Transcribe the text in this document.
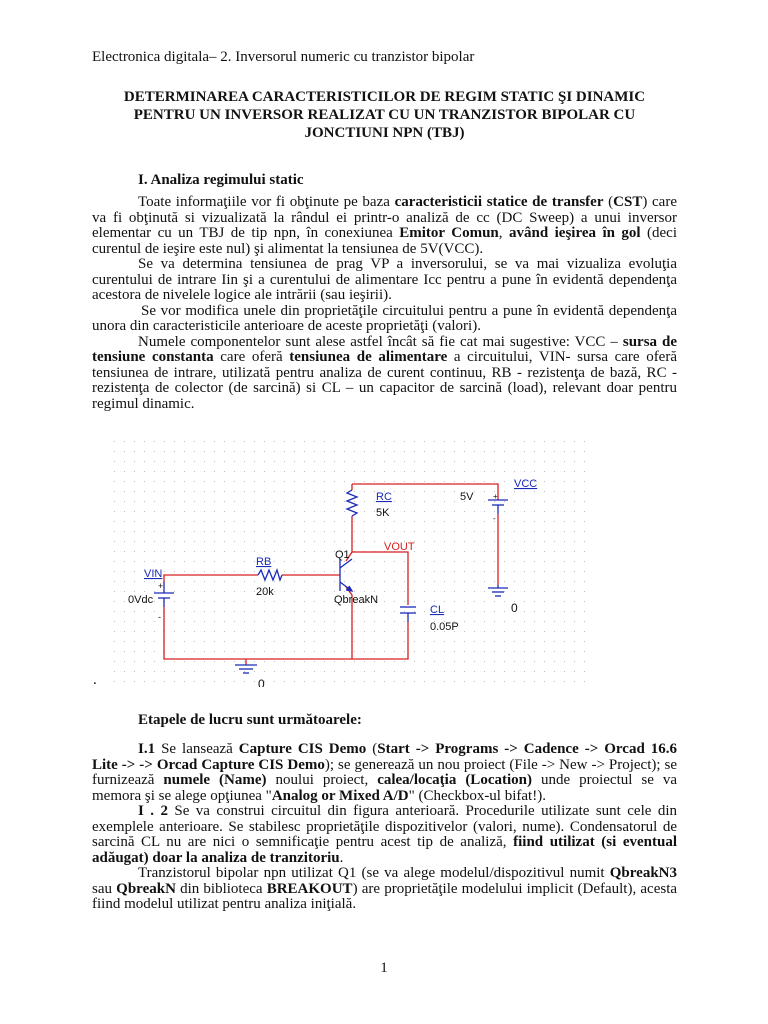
Electronica digitala– 2. Inversorul numeric cu tranzistor bipolar
DETERMINAREA CARACTERISTICILOR DE REGIM STATIC ŞI DINAMIC
PENTRU UN INVERSOR REALIZAT CU UN TRANZISTOR BIPOLAR CU
JONCTIUNI NPN (TBJ)
I. Analiza regimului static

Toate informaţiile vor fi obţinute pe baza caracteristicii statice de transfer (CST) care va fi obţinută si vizualizată la rândul ei printr-o analiză de cc (DC Sweep) a unui inversor elementar cu un TBJ de tip npn, în conexiunea Emitor Comun, având ieşirea în gol (deci curentul de ieşire este nul) şi alimentat la tensiunea de 5V(VCC).

Se va determina tensiunea de prag VP a inversorului, se va mai vizualiza evoluţia curentului de intrare Iin şi a curentului de alimentare Icc pentru a pune în evidentă dependenţa acestora de nivelele logice ale intrării (sau ieşirii).

Se vor modifica unele din proprietăţile circuitului pentru a pune în evidentă dependenţa unora din caracteristicile anterioare de aceste proprietăţi (valori).

Numele componentelor sunt alese astfel încât să fie cat mai sugestive: VCC – sursa de tensiune constanta care oferă tensiunea de alimentare a circuitului, VIN- sursa care oferă tensiunea de intrare, utilizată pentru analiza de curent continuu, RB - rezistenţa de bază, RC - rezistenţa de colector (de sarcină) si CL – un capacitor de sarcină (load), relevant doar pentru regimul dinamic.

VIN
0Vdc
+
-
RB
20k
Q1
QbreakN
RC
5K
VOUT
VCC
5V +
-
CL
0.05P
0
0
.
Etapele de lucru sunt următoarele:

I.1 Se lansează Capture CIS Demo (Start -> Programs -> Cadence -> Orcad 16.6 Lite -> -> Orcad Capture CIS Demo); se generează un nou proiect (File -> New -> Project); se furnizează numele (Name) noului proiect, calea/locaţia (Location) unde proiectul se va memora şi se alege opţiunea "Analog or Mixed A/D" (Checkbox-ul bifat!).

I . 2 Se va construi circuitul din figura anterioară. Procedurile utilizate sunt cele din exemplele anterioare. Se stabilesc proprietăţile dispozitivelor (valori, nume). Condensatorul de sarcină CL nu are nici o semnificaţie pentru acest tip de analiză, fiind utilizat (si eventual adăugat) doar la analiza de tranzitoriu.

Tranzistorul bipolar npn utilizat Q1 (se va alege modelul/dispozitivul numit QbreakN3 sau QbreakN din biblioteca BREAKOUT) are proprietăţile modelului implicit (Default), acesta fiind modelul utilizat pentru analiza iniţială.

1
